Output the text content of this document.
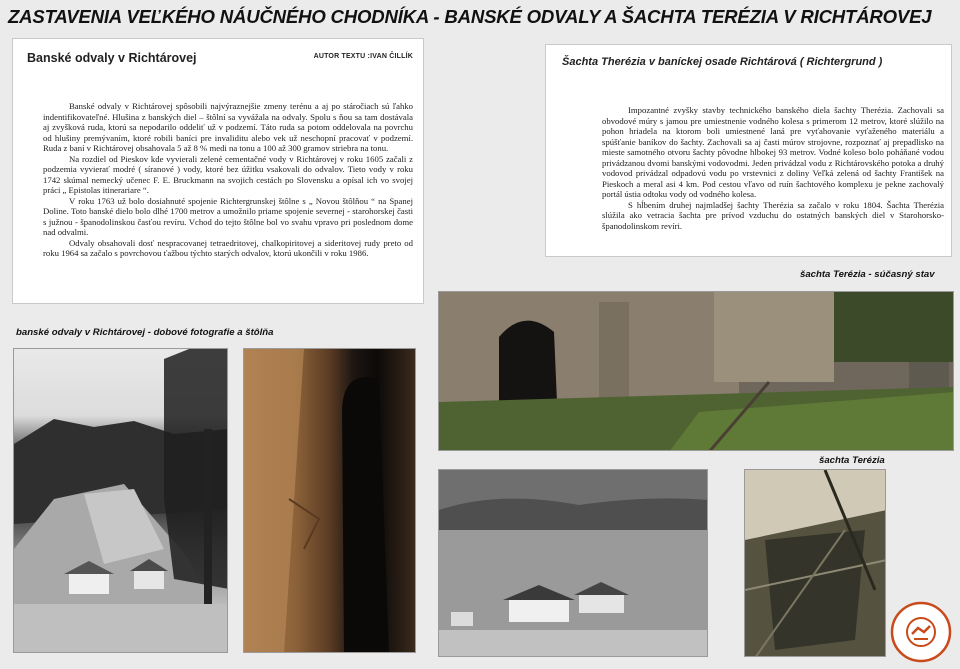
ZASTAVENIA VEĽKÉHO NÁUČNÉHO CHODNÍKA - BANSKÉ ODVALY A ŠACHTA TERÉZIA V RICHTÁROVEJ
Banské odvaly v Richtárovej	AUTOR TEXTU :IVAN ČILLÍK

Banské odvaly v Richtárovej spôsobili najvýraznejšie zmeny terénu a aj po stáročiach sú ľahko indentifikovateľné. Hlušina z banských diel – štôlní sa vyvážala na odvaly. Spolu s ňou sa tam dostávala aj zvyšková ruda, ktorú sa nepodarilo oddeliť už v podzemí. Táto ruda sa potom oddelovala na povrchu od hlušiny premývaním, ktoré robili baníci pre invaliditu alebo vek už neschopní pracovať v podzemí. Ruda z baní v Richtárovej obsahovala 5 až 8 % medi na tonu a 100 až 300 gramov striebra na tonu.

Na rozdiel od Pieskov kde vyvierali zelené cementačné vody v Richtárovej v roku 1605 začali z podzemia vyvierať modré ( síranové ) vody, ktoré bez úžitku vsakovali do odvalov. Tieto vody v roku 1742 skúmal nemecký učenec F. E. Bruckmann na svojich cestách po Slovensku a opísal ich vo svojej práci „ Epistolas itinerariare “.

V roku 1763 už bolo dosiahnuté spojenie Richtergrunskej štôlne s „ Novou štôlňou “ na Spanej Doline. Toto banské dielo bolo dlhé 1700 metrov a umožnilo priame spojenie severnej - starohorskej časti s južnou - španodolinskou časťou revíru. Vchod do tejto štôlne bol vo svahu vpravo pri poslednom dome nad odvalmi.

Odvaly obsahovali dosť nespracovanej tetraedritovej, chalkopiritovej a sideritovej rudy preto od roku 1964 sa začalo s povrchovou ťažbou týchto starých odvalov, ktorú ukončili v roku 1986.

Šachta Therézia v baníckej osade Richtárová ( Richtergrund )

Impozantné zvyšky stavby technického banského diela šachty Therézia. Zachovali sa obvodové múry s jamou pre umiestnenie vodného kolesa s primerom 12 metrov, ktoré slúžilo na pohon hriadela na ktorom boli umiestnené laná pre vyťahovanie vyťaženého materiálu a spúšťanie baníkov do šachty. Zachovali sa aj časti múrov strojovne, rozpoznať aj prepadlisko na mieste samotného otvoru šachty pôvodne hlbokej 93 metrov. Vodné koleso bolo poháňané vodou privádzanou dvomi banskými vodovodmi. Jeden privádzal vodu z Richtárovského potoka a druhý vodovod privádzal odpadovú vodu po vrstevnici z doliny Veľká zelená od šachty František na Pieskoch a meral asi 4 km. Pod cestou vľavo od ruín šachtového komplexu je pekne zachovalý portál ústia odtoku vody od vodného kolesa.

S hĺbením druhej najmladšej šachty Therézia sa začalo v roku 1804. Šachta Therézia slúžila ako vetracia šachta pre prívod vzduchu do ostatných banských diel v Starohorsko-španodolinskom revíri.

banské odvaly v Richtárovej - dobové fotografie a štôlňa
šachta Terézia - súčasný stav
šachta Terézia
